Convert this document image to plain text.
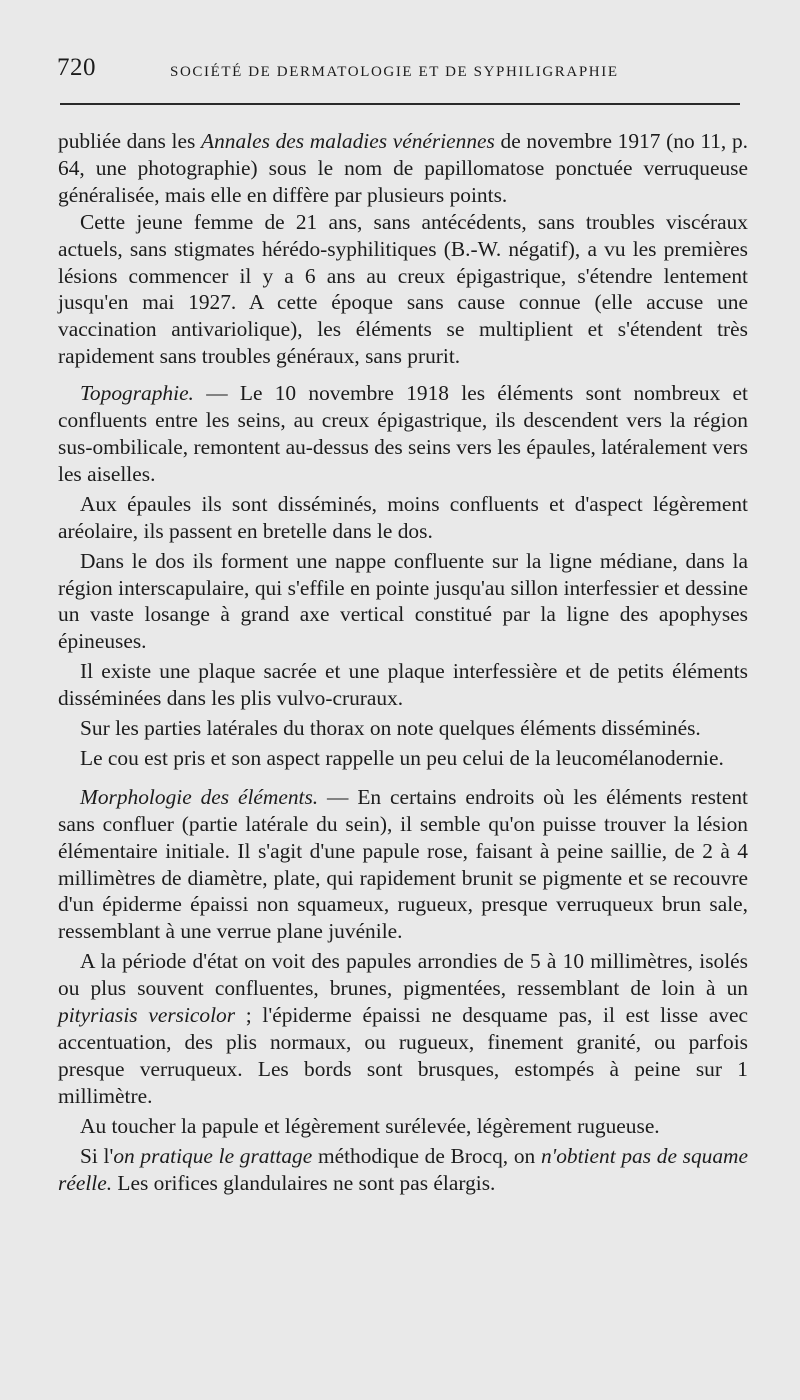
720	SOCIÉTÉ DE DERMATOLOGIE ET DE SYPHILIGRAPHIE

publiée dans les Annales des maladies vénériennes de novembre 1917 (no 11, p. 64, une photographie) sous le nom de papillomatose ponctuée verruqueuse généralisée, mais elle en diffère par plusieurs points.

Cette jeune femme de 21 ans, sans antécédents, sans troubles viscéraux actuels, sans stigmates hérédo-syphilitiques (B.-W. négatif), a vu les premières lésions commencer il y a 6 ans au creux épigastrique, s'étendre lentement jusqu'en mai 1927. A cette époque sans cause connue (elle accuse une vaccination antivariolique), les éléments se multiplient et s'étendent très rapidement sans troubles généraux, sans prurit.

Topographie. — Le 10 novembre 1918 les éléments sont nombreux et confluents entre les seins, au creux épigastrique, ils descendent vers la région sus-ombilicale, remontent au-dessus des seins vers les épaules, latéralement vers les aiselles.

Aux épaules ils sont disséminés, moins confluents et d'aspect légèrement aréolaire, ils passent en bretelle dans le dos.

Dans le dos ils forment une nappe confluente sur la ligne médiane, dans la région interscapulaire, qui s'effile en pointe jusqu'au sillon interfessier et dessine un vaste losange à grand axe vertical constitué par la ligne des apophyses épineuses.

Il existe une plaque sacrée et une plaque interfessière et de petits éléments disséminées dans les plis vulvo-cruraux.

Sur les parties latérales du thorax on note quelques éléments disséminés.

Le cou est pris et son aspect rappelle un peu celui de la leucomélanodernie.

Morphologie des éléments. — En certains endroits où les éléments restent sans confluer (partie latérale du sein), il semble qu'on puisse trouver la lésion élémentaire initiale. Il s'agit d'une papule rose, faisant à peine saillie, de 2 à 4 millimètres de diamètre, plate, qui rapidement brunit se pigmente et se recouvre d'un épiderme épaissi non squameux, rugueux, presque verruqueux brun sale, ressemblant à une verrue plane juvénile.

A la période d'état on voit des papules arrondies de 5 à 10 millimètres, isolés ou plus souvent confluentes, brunes, pigmentées, ressemblant de loin à un pityriasis versicolor ; l'épiderme épaissi ne desquame pas, il est lisse avec accentuation, des plis normaux, ou rugueux, finement granité, ou parfois presque verruqueux. Les bords sont brusques, estompés à peine sur 1 millimètre.

Au toucher la papule et légèrement surélevée, légèrement rugueuse.

Si l'on pratique le grattage méthodique de Brocq, on n'obtient pas de squame réelle. Les orifices glandulaires ne sont pas élargis.
